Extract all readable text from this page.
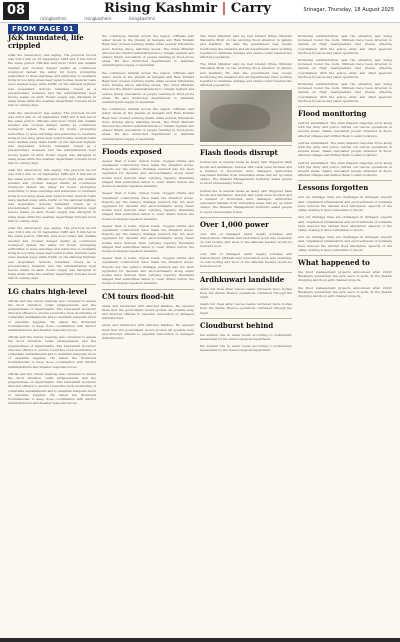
08	Rising Kashmir | Carry
risingkashmir	risingkashmir	risingkashmir
Srinagar, Thursday, 18 August 2025
FROM PAGE 01
J&K inundated, life crippled

what the observatory was saying. The previous record was 218.2 mm on 10 September 1988 and 8 mm fell in the same period. Officials said most rivers and nallahs swelled and crossed danger marks as continuous downpour lashed the valley for hours, prompting authorities to issue warnings and advisories to residents living in low-lying areas near water bodies. Several roads were washed away while traffic on the national highway was suspended. Schools remained closed as a precautionary measure and the administration kept rescue teams on alert. Power supply was disrupted in many areas while the weather department forecast more rain in coming days.

what the observatory was saying. The previous record was 218.2 mm on 10 September 1988 and 8 mm fell in the same period. Officials said most rivers and nallahs swelled and crossed danger marks as continuous downpour lashed the valley for hours, prompting authorities to issue warnings and advisories to residents living in low-lying areas near water bodies. Several roads were washed away while traffic on the national highway was suspended. Schools remained closed as a precautionary measure and the administration kept rescue teams on alert. Power supply was disrupted in many areas while the weather department forecast more rain in coming days.

what the observatory was saying. The previous record was 218.2 mm on 10 September 1988 and 8 mm fell in the same period. Officials said most rivers and nallahs swelled and crossed danger marks as continuous downpour lashed the valley for hours, prompting authorities to issue warnings and advisories to residents living in low-lying areas near water bodies. Several roads were washed away while traffic on the national highway was suspended. Schools remained closed as a precautionary measure and the administration kept rescue teams on alert. Power supply was disrupted in many areas while the weather department forecast more rain in coming days.

what the observatory was saying. The previous record was 218.2 mm on 10 September 1988 and 8 mm fell in the same period. Officials said most rivers and nallahs swelled and crossed danger marks as continuous downpour lashed the valley for hours, prompting authorities to issue warnings and advisories to residents living in low-lying areas near water bodies. Several roads were washed away while traffic on the national highway was suspended. Schools remained closed as a precautionary measure and the administration kept rescue teams on alert. Power supply was disrupted in many areas while the weather department forecast more rain in coming days.

LG chairs high-level

official said the review meeting was convened to assess the flood situation, relief arrangements and the preparedness of departments. The Lieutenant Governor directed officers to ensure round-the-clock monitoring of vulnerable embankments and to maintain adequate stock of essential supplies. He asked the Divisional Commissioner to keep close coordination with district administrations and disaster response forces.

official said the review meeting was convened to assess the flood situation, relief arrangements and the preparedness of departments. The Lieutenant Governor directed officers to ensure round-the-clock monitoring of vulnerable embankments and to maintain adequate stock of essential supplies. He asked the Divisional Commissioner to keep close coordination with district administrations and disaster response forces.

official said the review meeting was convened to assess the flood situation, relief arrangements and the preparedness of departments. The Lieutenant Governor directed officers to ensure round-the-clock monitoring of vulnerable embankments and to maintain adequate stock of essential supplies. He asked the Divisional Commissioner to keep close coordination with district administrations and disaster response forces.

the continuous rainfall across the region. Officials said water levels in the Jhelum at Sangam and Ram Munshi Bagh had crossed warning marks while several tributaries were flowing above alarming levels. The Chief Minister directed the district administrations to remain vigilant and ensure timely evacuation of people residing in flood-prone areas. He also instructed departments to maintain uninterrupted supply of essentials.

the continuous rainfall across the region. Officials said water levels in the Jhelum at Sangam and Ram Munshi Bagh had crossed warning marks while several tributaries were flowing above alarming levels. The Chief Minister directed the district administrations to remain vigilant and ensure timely evacuation of people residing in flood-prone areas. He also instructed departments to maintain uninterrupted supply of essentials.

the continuous rainfall across the region. Officials said water levels in the Jhelum at Sangam and Ram Munshi Bagh had crossed warning marks while several tributaries were flowing above alarming levels. The Chief Minister directed the district administrations to remain vigilant and ensure timely evacuation of people residing in flood-prone areas. He also instructed departments to maintain uninterrupted supply of essentials.

Floods exposed

deeper than it looks: ruined roads, clogged drains and unplanned construction have made the situation worse. Experts say the valley's drainage network has not been upgraded for decades and encroachments along water bodies have reduced their carrying capacity. Residents alleged that authorities failed to clear drains before the monsoon despite repeated demands.

deeper than it looks: ruined roads, clogged drains and unplanned construction have made the situation worse. Experts say the valley's drainage network has not been upgraded for decades and encroachments along water bodies have reduced their carrying capacity. Residents alleged that authorities failed to clear drains before the monsoon despite repeated demands.

deeper than it looks: ruined roads, clogged drains and unplanned construction have made the situation worse. Experts say the valley's drainage network has not been upgraded for decades and encroachments along water bodies have reduced their carrying capacity. Residents alleged that authorities failed to clear drains before the monsoon despite repeated demands.

deeper than it looks: ruined roads, clogged drains and unplanned construction have made the situation worse. Experts say the valley's drainage network has not been upgraded for decades and encroachments along water bodies have reduced their carrying capacity. Residents alleged that authorities failed to clear drains before the monsoon despite repeated demands.

CM tours flood-hit

areas and interacted with affected families. He assured them that the government would provide all possible help and directed officials to expedite restoration of damaged infrastructure.

areas and interacted with affected families. He assured them that the government would provide all possible help and directed officials to expedite restoration of damaged infrastructure.

The Chief Minister said he had briefed Prime Minister Narendra Modi on the evolving flood situation in Jammu and Kashmir. He said the government was closely monitoring the situation and all departments were working together to minimise damage and ensure relief reached the affected population.

The Chief Minister said he had briefed Prime Minister Narendra Modi on the evolving flood situation in Jammu and Kashmir. He said the government was closely monitoring the situation and all departments were working together to minimise damage and ensure relief reached the affected population.

Flash floods disrupt

normal life in several areas as heavy rain triggered flash floods and landslides. Several link roads were blocked and a number of structures were damaged. Authorities evacuated families from vulnerable areas and set up relief camps. The Disaster Management Authority asked people to avoid unnecessary travel.

normal life in several areas as heavy rain triggered flash floods and landslides. Several link roads were blocked and a number of structures were damaged. Authorities evacuated families from vulnerable areas and set up relief camps. The Disaster Management Authority asked people to avoid unnecessary travel.

Over 1,000 power

over 300 of damaged water supply schemes and transformers. Officials said restoration work was underway on war footing and most of the affected feeders would be restored soon.

over 300 of damaged water supply schemes and transformers. Officials said restoration work was underway on war footing and most of the affected feeders would be restored soon.

Ardhkuwari landslide

death toll rises after rescue teams retrieved more bodies from the debris. Rescue operations continued through the night.

death toll rises after rescue teams retrieved more bodies from the debris. Rescue operations continued through the night.

Cloudburst behind

the sudden rise in water levels according to preliminary assessment by the meteorological department.

the sudden rise in water levels according to preliminary assessment by the meteorological department.

Divisional administration said the situation was being reviewed round the clock. Officials have been directed to remain at their headquarters and ensure effective coordination with the police, army and other agencies involved in rescue and relief operations.

Divisional administration said the situation was being reviewed round the clock. Officials have been directed to remain at their headquarters and ensure effective coordination with the police, army and other agencies involved in rescue and relief operations.

Divisional administration said the situation was being reviewed round the clock. Officials have been directed to remain at their headquarters and ensure effective coordination with the police, army and other agencies involved in rescue and relief operations.

Flood monitoring

centres established. The state disaster response force along with the army and police carried out rescue operations in several areas. Teams evacuated people stranded in flood-affected villages and shifted them to safer locations.

centres established. The state disaster response force along with the army and police carried out rescue operations in several areas. Teams evacuated people stranded in flood-affected villages and shifted them to safer locations.

centres established. The state disaster response force along with the army and police carried out rescue operations in several areas. Teams evacuated people stranded in flood-affected villages and shifted them to safer locations.

Lessons forgotten

and old drainage lines are challenges in Srinagar, experts said. Unplanned urbanisation and encroachment of wetlands have reduced the natural flood absorption capacity of the valley, making it more vulnerable to floods.

and old drainage lines are challenges in Srinagar, experts said. Unplanned urbanisation and encroachment of wetlands have reduced the natural flood absorption capacity of the valley, making it more vulnerable to floods.

and old drainage lines are challenges in Srinagar, experts said. Unplanned urbanisation and encroachment of wetlands have reduced the natural flood absorption capacity of the valley, making it more vulnerable to floods.

What happened to

the flood management projects announced after 2014? Residents questioned the slow pace of work on the Jhelum dredging and flood spill channel projects.

the flood management projects announced after 2014? Residents questioned the slow pace of work on the Jhelum dredging and flood spill channel projects.
